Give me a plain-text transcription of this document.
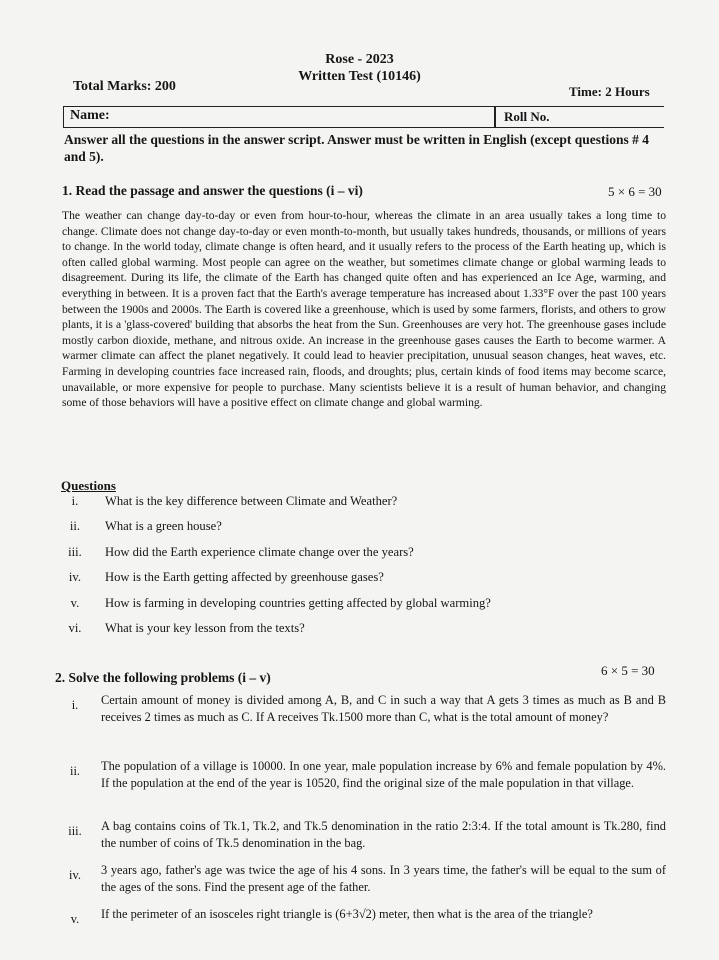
Rose - 2023
Written Test (10146)
Total Marks: 200	Time: 2 Hours
Name:	Roll No.
Answer all the questions in the answer script. Answer must be written in English (except questions # 4 and 5).
1. Read the passage and answer the questions (i – vi)	5 × 6 = 30
The weather can change day-to-day or even from hour-to-hour, whereas the climate in an area usually takes a long time to change. Climate does not change day-to-day or even month-to-month, but usually takes hundreds, thousands, or millions of years to change. In the world today, climate change is often heard, and it usually refers to the process of the Earth heating up, which is often called global warming. Most people can agree on the weather, but sometimes climate change or global warming leads to disagreement. During its life, the climate of the Earth has changed quite often and has experienced an Ice Age, warming, and everything in between. It is a proven fact that the Earth's average temperature has increased about 1.33°F over the past 100 years between the 1900s and 2000s. The Earth is covered like a greenhouse, which is used by some farmers, florists, and others to grow plants, it is a 'glass-covered' building that absorbs the heat from the Sun. Greenhouses are very hot. The greenhouse gases include mostly carbon dioxide, methane, and nitrous oxide. An increase in the greenhouse gases causes the Earth to become warmer. A warmer climate can affect the planet negatively. It could lead to heavier precipitation, unusual season changes, heat waves, etc. Farming in developing countries face increased rain, floods, and droughts; plus, certain kinds of food items may become scarce, unavailable, or more expensive for people to purchase. Many scientists believe it is a result of human behavior, and changing some of those behaviors will have a positive effect on climate change and global warming.
Questions
i.	What is the key difference between Climate and Weather?
ii.	What is a green house?
iii.	How did the Earth experience climate change over the years?
iv.	How is the Earth getting affected by greenhouse gases?
v.	How is farming in developing countries getting affected by global warming?
vi.	What is your key lesson from the texts?
2. Solve the following problems (i – v)	6 × 5 = 30
i.	Certain amount of money is divided among A, B, and C in such a way that A gets 3 times as much as B and B receives 2 times as much as C. If A receives Tk.1500 more than C, what is the total amount of money?
ii.	The population of a village is 10000. In one year, male population increase by 6% and female population by 4%. If the population at the end of the year is 10520, find the original size of the male population in that village.
iii.	A bag contains coins of Tk.1, Tk.2, and Tk.5 denomination in the ratio 2:3:4. If the total amount is Tk.280, find the number of coins of Tk.5 denomination in the bag.
iv.	3 years ago, father's age was twice the age of his 4 sons. In 3 years time, the father's will be equal to the sum of the ages of the sons. Find the present age of the father.
v.	If the perimeter of an isosceles right triangle is (6+3√2) meter, then what is the area of the triangle?
